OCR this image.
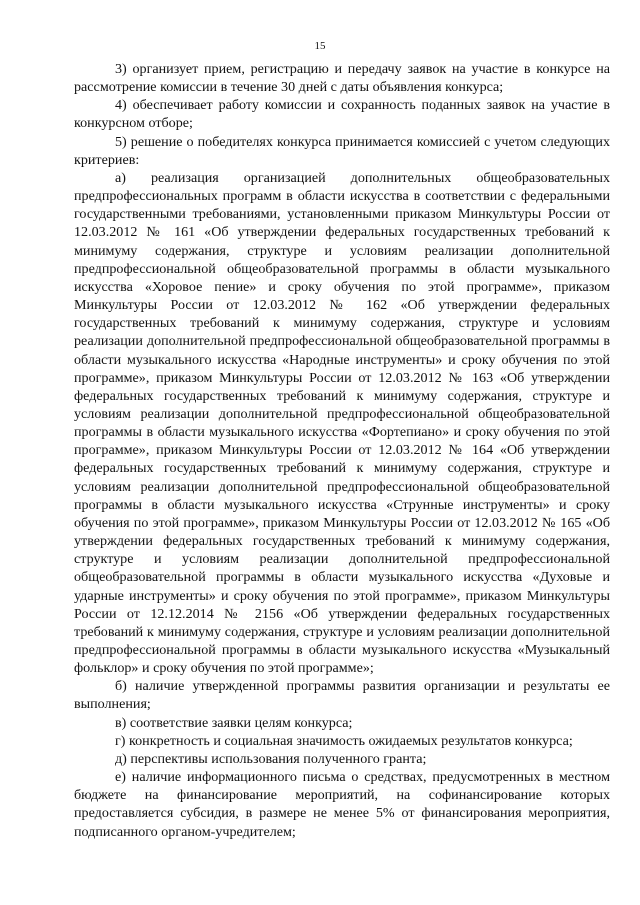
15

3) организует прием, регистрацию и передачу заявок на участие в конкурсе на рассмотрение комиссии в течение 30 дней с даты объявления конкурса;

4) обеспечивает работу комиссии и сохранность поданных заявок на участие в конкурсном отборе;

5) решение о победителях конкурса принимается комиссией с учетом следующих критериев:

а) реализация организацией дополнительных общеобразовательных предпрофессиональных программ в области искусства в соответствии с федеральными государственными требованиями, установленными приказом Минкультуры России от 12.03.2012 № 161 «Об утверждении федеральных государственных требований к минимуму содержания, структуре и условиям реализации дополнительной предпрофессиональной общеобразовательной программы в области музыкального искусства «Хоровое пение» и сроку обучения по этой программе», приказом Минкультуры России от 12.03.2012 № 162 «Об утверждении федеральных государственных требований к минимуму содержания, структуре и условиям реализации дополнительной предпрофессиональной общеобразовательной программы в области музыкального искусства «Народные инструменты» и сроку обучения по этой программе», приказом Минкультуры России от 12.03.2012 № 163 «Об утверждении федеральных государственных требований к минимуму содержания, структуре и условиям реализации дополнительной предпрофессиональной общеобразовательной программы в области музыкального искусства «Фортепиано» и сроку обучения по этой программе», приказом Минкультуры России от 12.03.2012 № 164 «Об утверждении федеральных государственных требований к минимуму содержания, структуре и условиям реализации дополнительной предпрофессиональной общеобразовательной программы в области музыкального искусства «Струнные инструменты» и сроку обучения по этой программе», приказом Минкультуры России от 12.03.2012 № 165 «Об утверждении федеральных государственных требований к минимуму содержания, структуре и условиям реализации дополнительной предпрофессиональной общеобразовательной программы в области музыкального искусства «Духовые и ударные инструменты» и сроку обучения по этой программе», приказом Минкультуры России от 12.12.2014 № 2156 «Об утверждении федеральных государственных требований к минимуму содержания, структуре и условиям реализации дополнительной предпрофессиональной программы в области музыкального искусства «Музыкальный фольклор» и сроку обучения по этой программе»;

б) наличие утвержденной программы развития организации и результаты ее выполнения;

в) соответствие заявки целям конкурса;

г) конкретность и социальная значимость ожидаемых результатов конкурса;

д) перспективы использования полученного гранта;

е) наличие информационного письма о средствах, предусмотренных в местном бюджете на финансирование мероприятий, на софинансирование которых предоставляется субсидия, в размере не менее 5% от финансирования мероприятия, подписанного органом-учредителем;
